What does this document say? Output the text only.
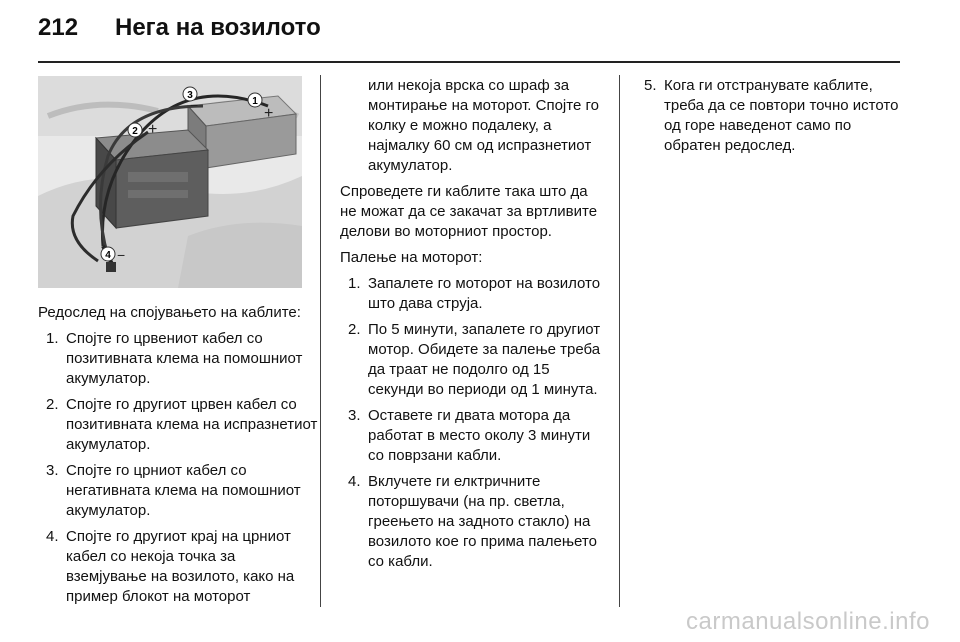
212 Нега на возилото
1
2
3
4
+
+
−
−

Редослед на спојувањето на каблите:

1. Спојте го црвениот кабел со позитивната клема на помошниот акумулатор.
2. Спојте го другиот црвен кабел со позитивната клема на испразнетиот акумулатор.
3. Спојте го црниот кабел со негативната клема на помошниот акумулатор.
4. Спојте го другиот крај на црниот кабел со некоја точка за вземјување на возилото, како на пример блокот на моторот

или некоја врска со шраф за монтирање на моторот. Спојте го колку е можно подалеку, а најмалку 60 см од испразнетиот акумулатор.

Спроведете ги каблите така што да не можат да се закачат за вртливите делови во моторниот простор.

Палење на моторот:

1. Запалете го моторот на возилото што дава струја.
2. По 5 минути, запалете го другиот мотор. Обидете за палење треба да траат не подолго од 15 секунди во периоди од 1 минута.
3. Оставете ги двата мотора да работат в место околу 3 минути со поврзани кабли.
4. Вклучете ги елктричните поторшувачи (на пр. светла, греењето на задното стакло) на возилото кое го прима палењето со кабли.
5. Кога ги отстранувате каблите, треба да се повтори точно истото од горе наведенот само по обратен редослед.
carmanualsonline.info
